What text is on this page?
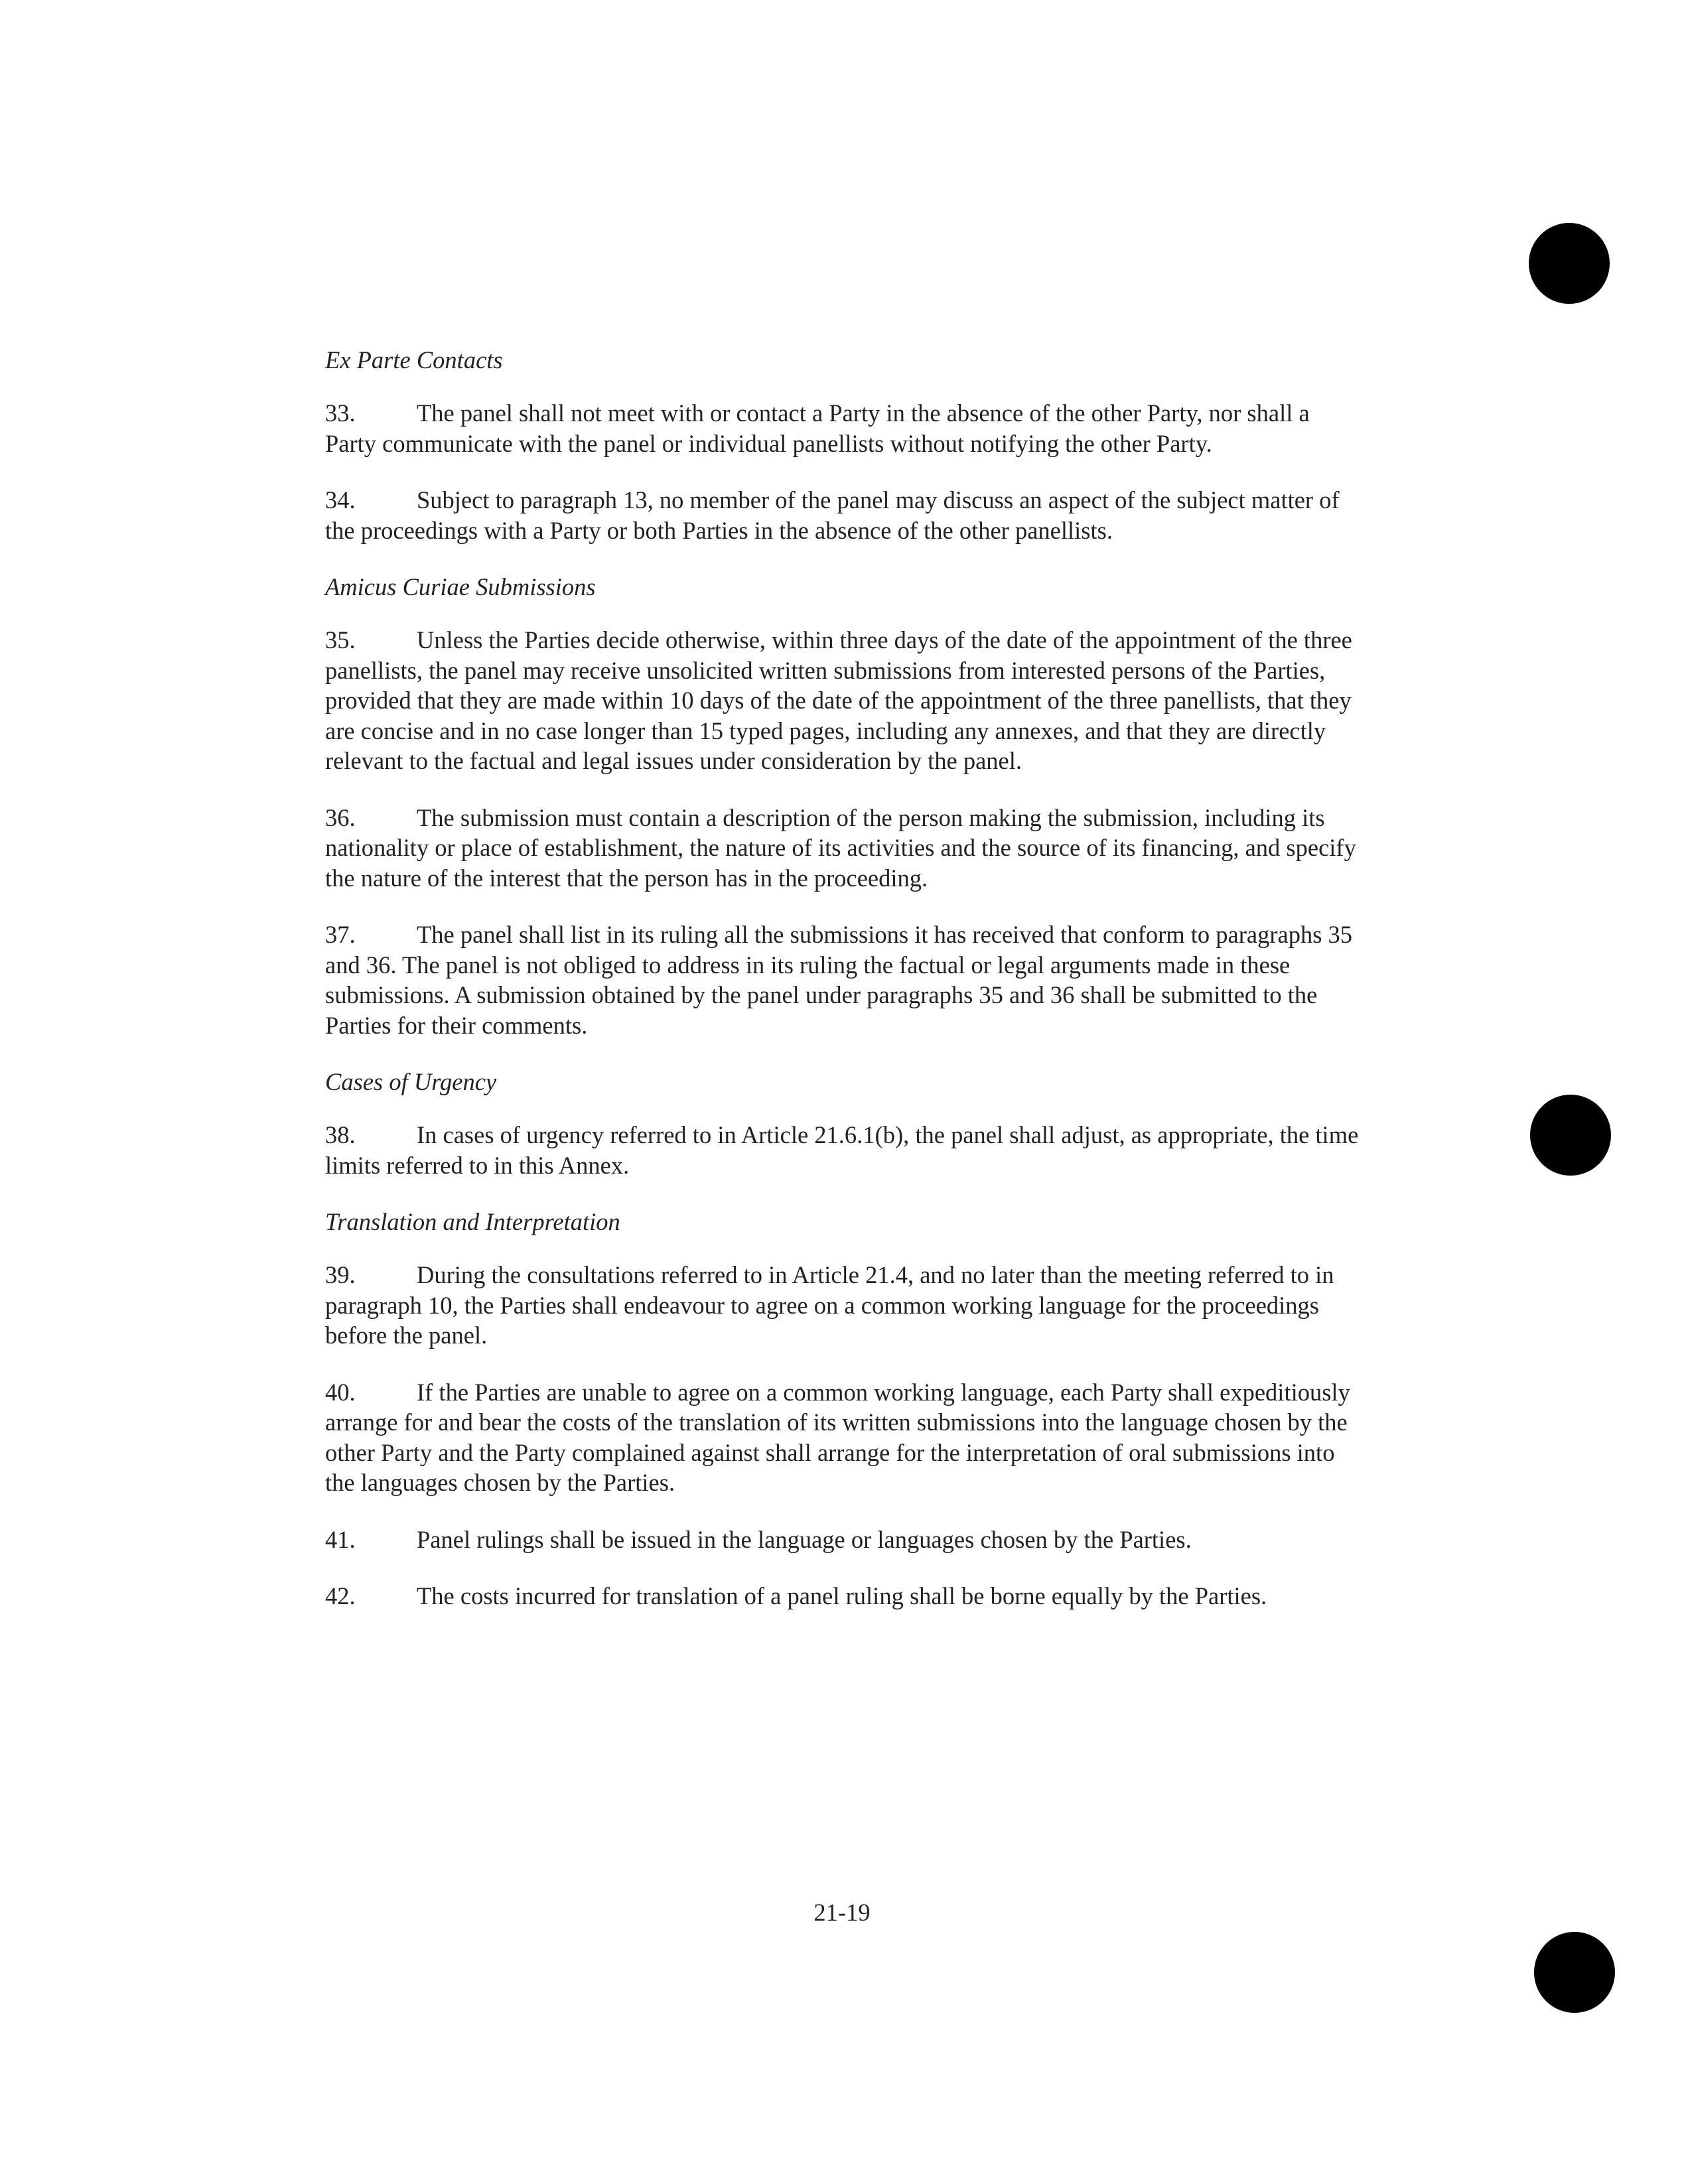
Ex Parte Contacts

33.	The panel shall not meet with or contact a Party in the absence of the other Party, nor shall a Party communicate with the panel or individual panellists without notifying the other Party.

34.	Subject to paragraph 13, no member of the panel may discuss an aspect of the subject matter of the proceedings with a Party or both Parties in the absence of the other panellists.

Amicus Curiae Submissions

35.	Unless the Parties decide otherwise, within three days of the date of the appointment of the three panellists, the panel may receive unsolicited written submissions from interested persons of the Parties, provided that they are made within 10 days of the date of the appointment of the three panellists, that they are concise and in no case longer than 15 typed pages, including any annexes, and that they are directly relevant to the factual and legal issues under consideration by the panel.

36.	The submission must contain a description of the person making the submission, including its nationality or place of establishment, the nature of its activities and the source of its financing, and specify the nature of the interest that the person has in the proceeding.

37.	The panel shall list in its ruling all the submissions it has received that conform to paragraphs 35 and 36. The panel is not obliged to address in its ruling the factual or legal arguments made in these submissions. A submission obtained by the panel under paragraphs 35 and 36 shall be submitted to the Parties for their comments.

Cases of Urgency

38.	In cases of urgency referred to in Article 21.6.1(b), the panel shall adjust, as appropriate, the time limits referred to in this Annex.

Translation and Interpretation

39.	During the consultations referred to in Article 21.4, and no later than the meeting referred to in paragraph 10, the Parties shall endeavour to agree on a common working language for the proceedings before the panel.

40.	If the Parties are unable to agree on a common working language, each Party shall expeditiously arrange for and bear the costs of the translation of its written submissions into the language chosen by the other Party and the Party complained against shall arrange for the interpretation of oral submissions into the languages chosen by the Parties.

41.	Panel rulings shall be issued in the language or languages chosen by the Parties.

42.	The costs incurred for translation of a panel ruling shall be borne equally by the Parties.

21-19
